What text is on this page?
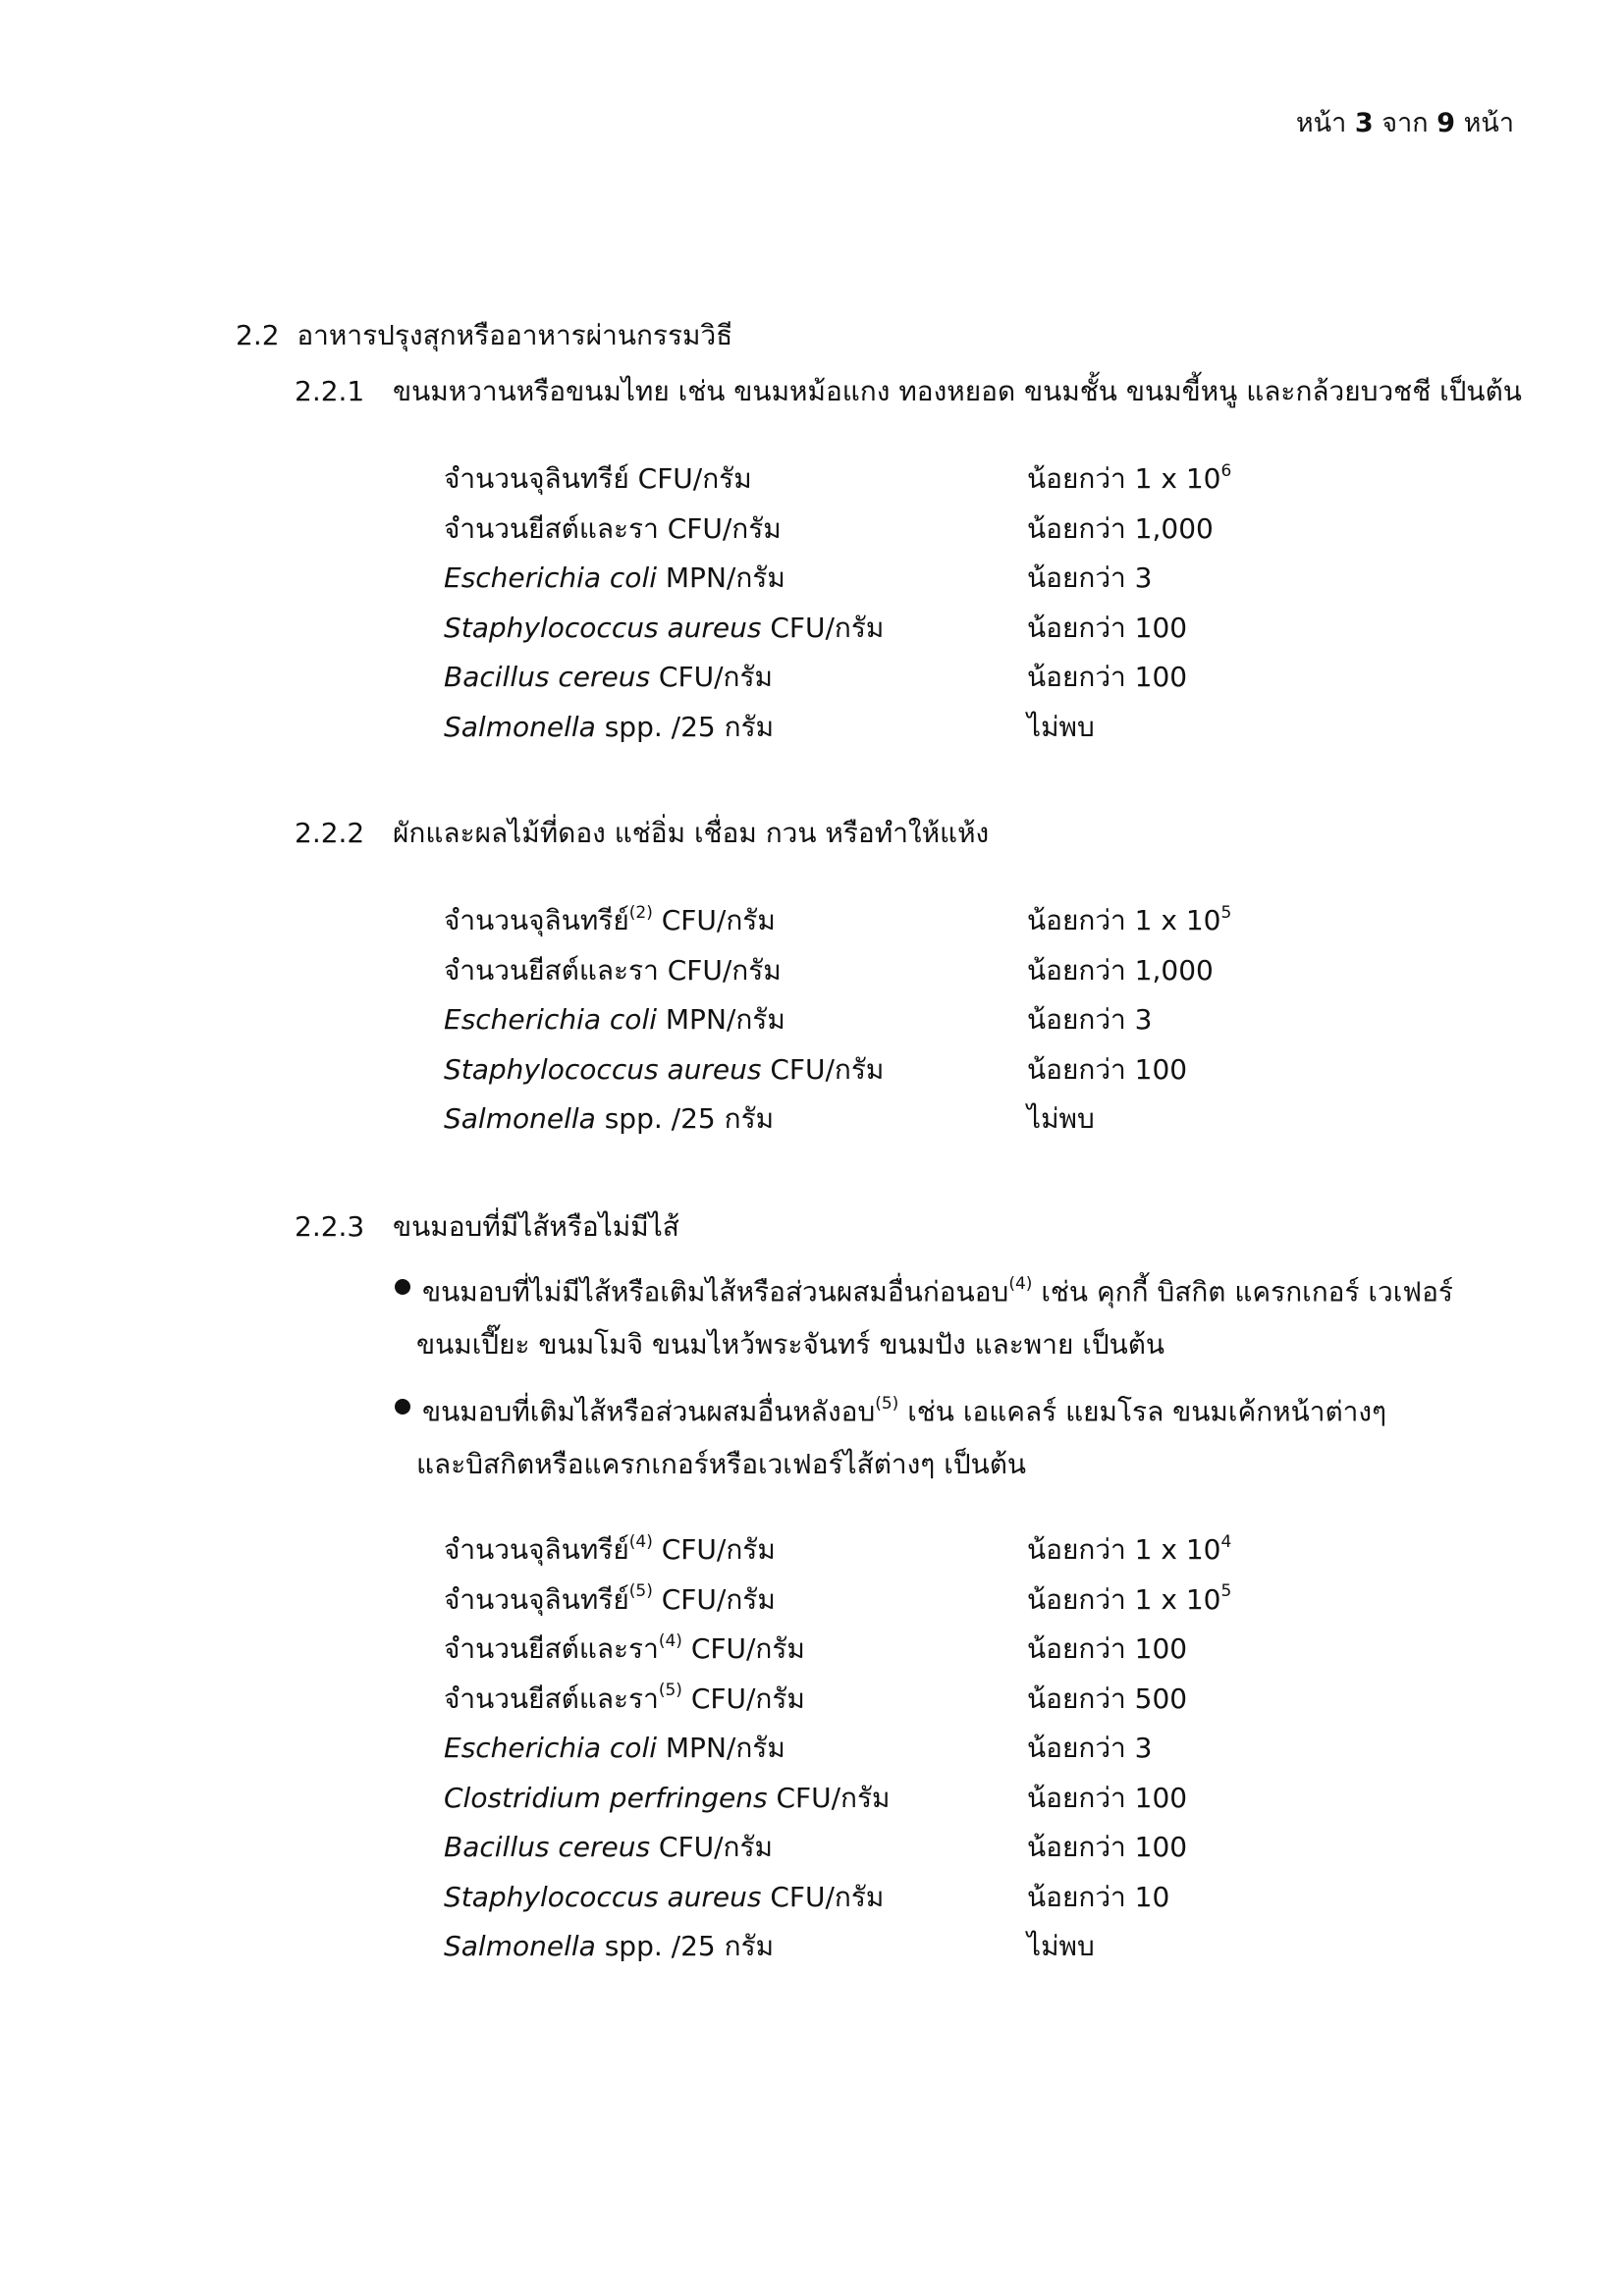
หน้า 3 จาก 9 หน้า
2.2 อาหารปรุงสุกหรืออาหารผ่านกรรมวิธี
2.2.1 ขนมหวานหรือขนมไทย เช่น ขนมหม้อแกง ทองหยอด ขนมชั้น ขนมขี้หนู และกล้วยบวชชี เป็นต้น
จำนวนจุลินทรีย์ CFU/กรัม	น้อยกว่า 1 x $10^6$
จำนวนยีสต์และรา CFU/กรัม	น้อยกว่า 1,000
Escherichia coli MPN/กรัม	น้อยกว่า 3
Staphylococcus aureus CFU/กรัม	น้อยกว่า 100
Bacillus cereus CFU/กรัม	น้อยกว่า 100
Salmonella spp. /25 กรัม	ไม่พบ
2.2.2 ผักและผลไม้ที่ดอง แช่อิ่ม เชื่อม กวน หรือทำให้แห้ง
จำนวนจุลินทรีย์$^{(2)}$ CFU/กรัม	น้อยกว่า 1 x $10^5$
จำนวนยีสต์และรา CFU/กรัม	น้อยกว่า 1,000
Escherichia coli MPN/กรัม	น้อยกว่า 3
Staphylococcus aureus CFU/กรัม	น้อยกว่า 100
Salmonella spp. /25 กรัม	ไม่พบ
2.2.3 ขนมอบที่มีไส้หรือไม่มีไส้
ขนมอบที่ไม่มีไส้หรือเติมไส้หรือส่วนผสมอื่นก่อนอบ$^{(4)}$ เช่น คุกกี้ บิสกิต แครกเกอร์ เวเฟอร์
ขนมเปี๊ยะ ขนมโมจิ ขนมไหว้พระจันทร์ ขนมปัง และพาย เป็นต้น
ขนมอบที่เติมไส้หรือส่วนผสมอื่นหลังอบ$^{(5)}$ เช่น เอแคลร์ แยมโรล ขนมเค้กหน้าต่างๆ
และบิสกิตหรือแครกเกอร์หรือเวเฟอร์ไส้ต่างๆ เป็นต้น
จำนวนจุลินทรีย์$^{(4)}$ CFU/กรัม	น้อยกว่า 1 x $10^4$
จำนวนจุลินทรีย์$^{(5)}$ CFU/กรัม	น้อยกว่า 1 x $10^5$
จำนวนยีสต์และรา$^{(4)}$ CFU/กรัม	น้อยกว่า 100
จำนวนยีสต์และรา$^{(5)}$ CFU/กรัม	น้อยกว่า 500
Escherichia coli MPN/กรัม	น้อยกว่า 3
Clostridium perfringens CFU/กรัม	น้อยกว่า 100
Bacillus cereus CFU/กรัม	น้อยกว่า 100
Staphylococcus aureus CFU/กรัม	น้อยกว่า 10
Salmonella spp. /25 กรัม	ไม่พบ
